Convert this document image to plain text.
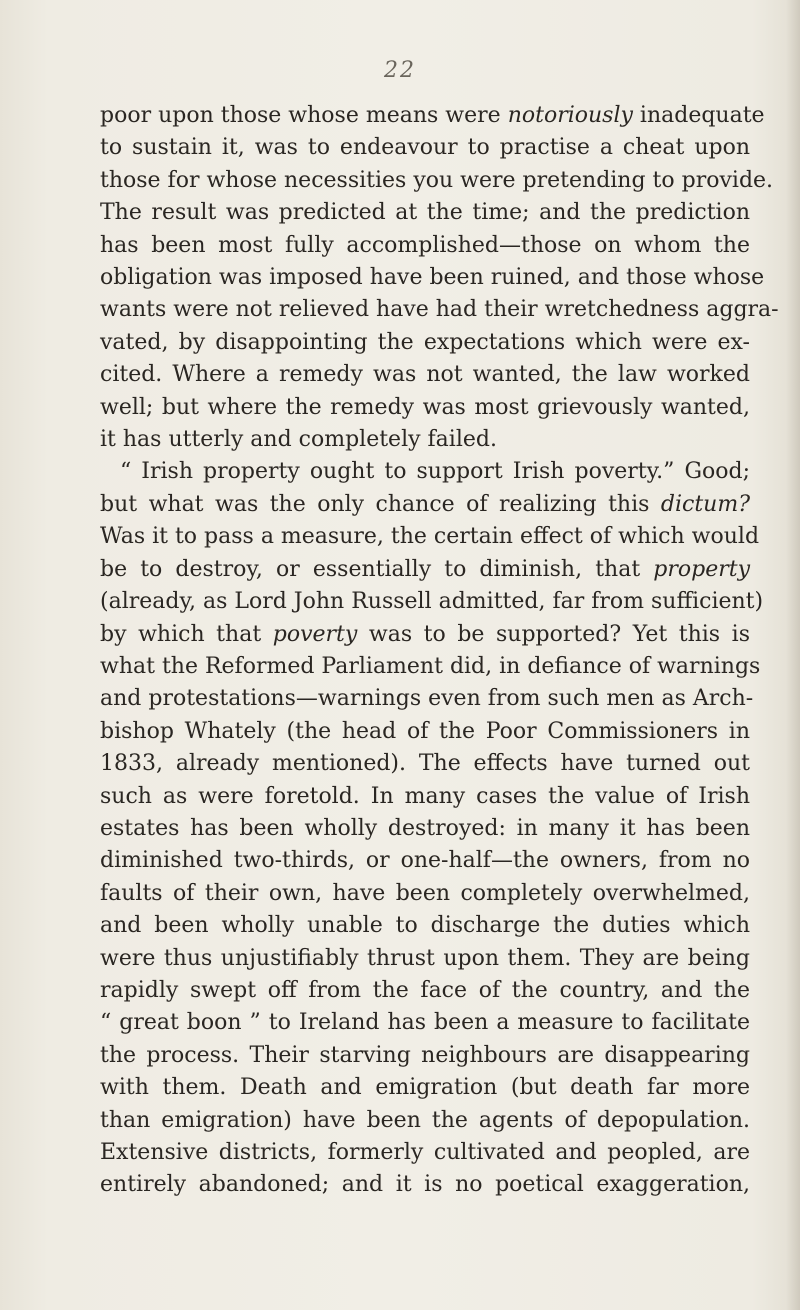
22
poor upon those whose means were notoriously inadequate
to sustain it, was to endeavour to practise a cheat upon
those for whose necessities you were pretending to provide.
The result was predicted at the time; and the prediction
has been most fully accomplished—those on whom the
obligation was imposed have been ruined, and those whose
wants were not relieved have had their wretchedness aggra-
vated, by disappointing the expectations which were ex-
cited. Where a remedy was not wanted, the law worked
well; but where the remedy was most grievously wanted,
it has utterly and completely failed.
“ Irish property ought to support Irish poverty.” Good;
but what was the only chance of realizing this dictum?
Was it to pass a measure, the certain effect of which would
be to destroy, or essentially to diminish, that property
(already, as Lord John Russell admitted, far from sufficient)
by which that poverty was to be supported? Yet this is
what the Reformed Parliament did, in defiance of warnings
and protestations—warnings even from such men as Arch-
bishop Whately (the head of the Poor Commissioners in
1833, already mentioned). The effects have turned out
such as were foretold. In many cases the value of Irish
estates has been wholly destroyed: in many it has been
diminished two-thirds, or one-half—the owners, from no
faults of their own, have been completely overwhelmed,
and been wholly unable to discharge the duties which
were thus unjustifiably thrust upon them. They are being
rapidly swept off from the face of the country, and the
“ great boon ” to Ireland has been a measure to facilitate
the process. Their starving neighbours are disappearing
with them. Death and emigration (but death far more
than emigration) have been the agents of depopulation.
Extensive districts, formerly cultivated and peopled, are
entirely abandoned; and it is no poetical exaggeration,
